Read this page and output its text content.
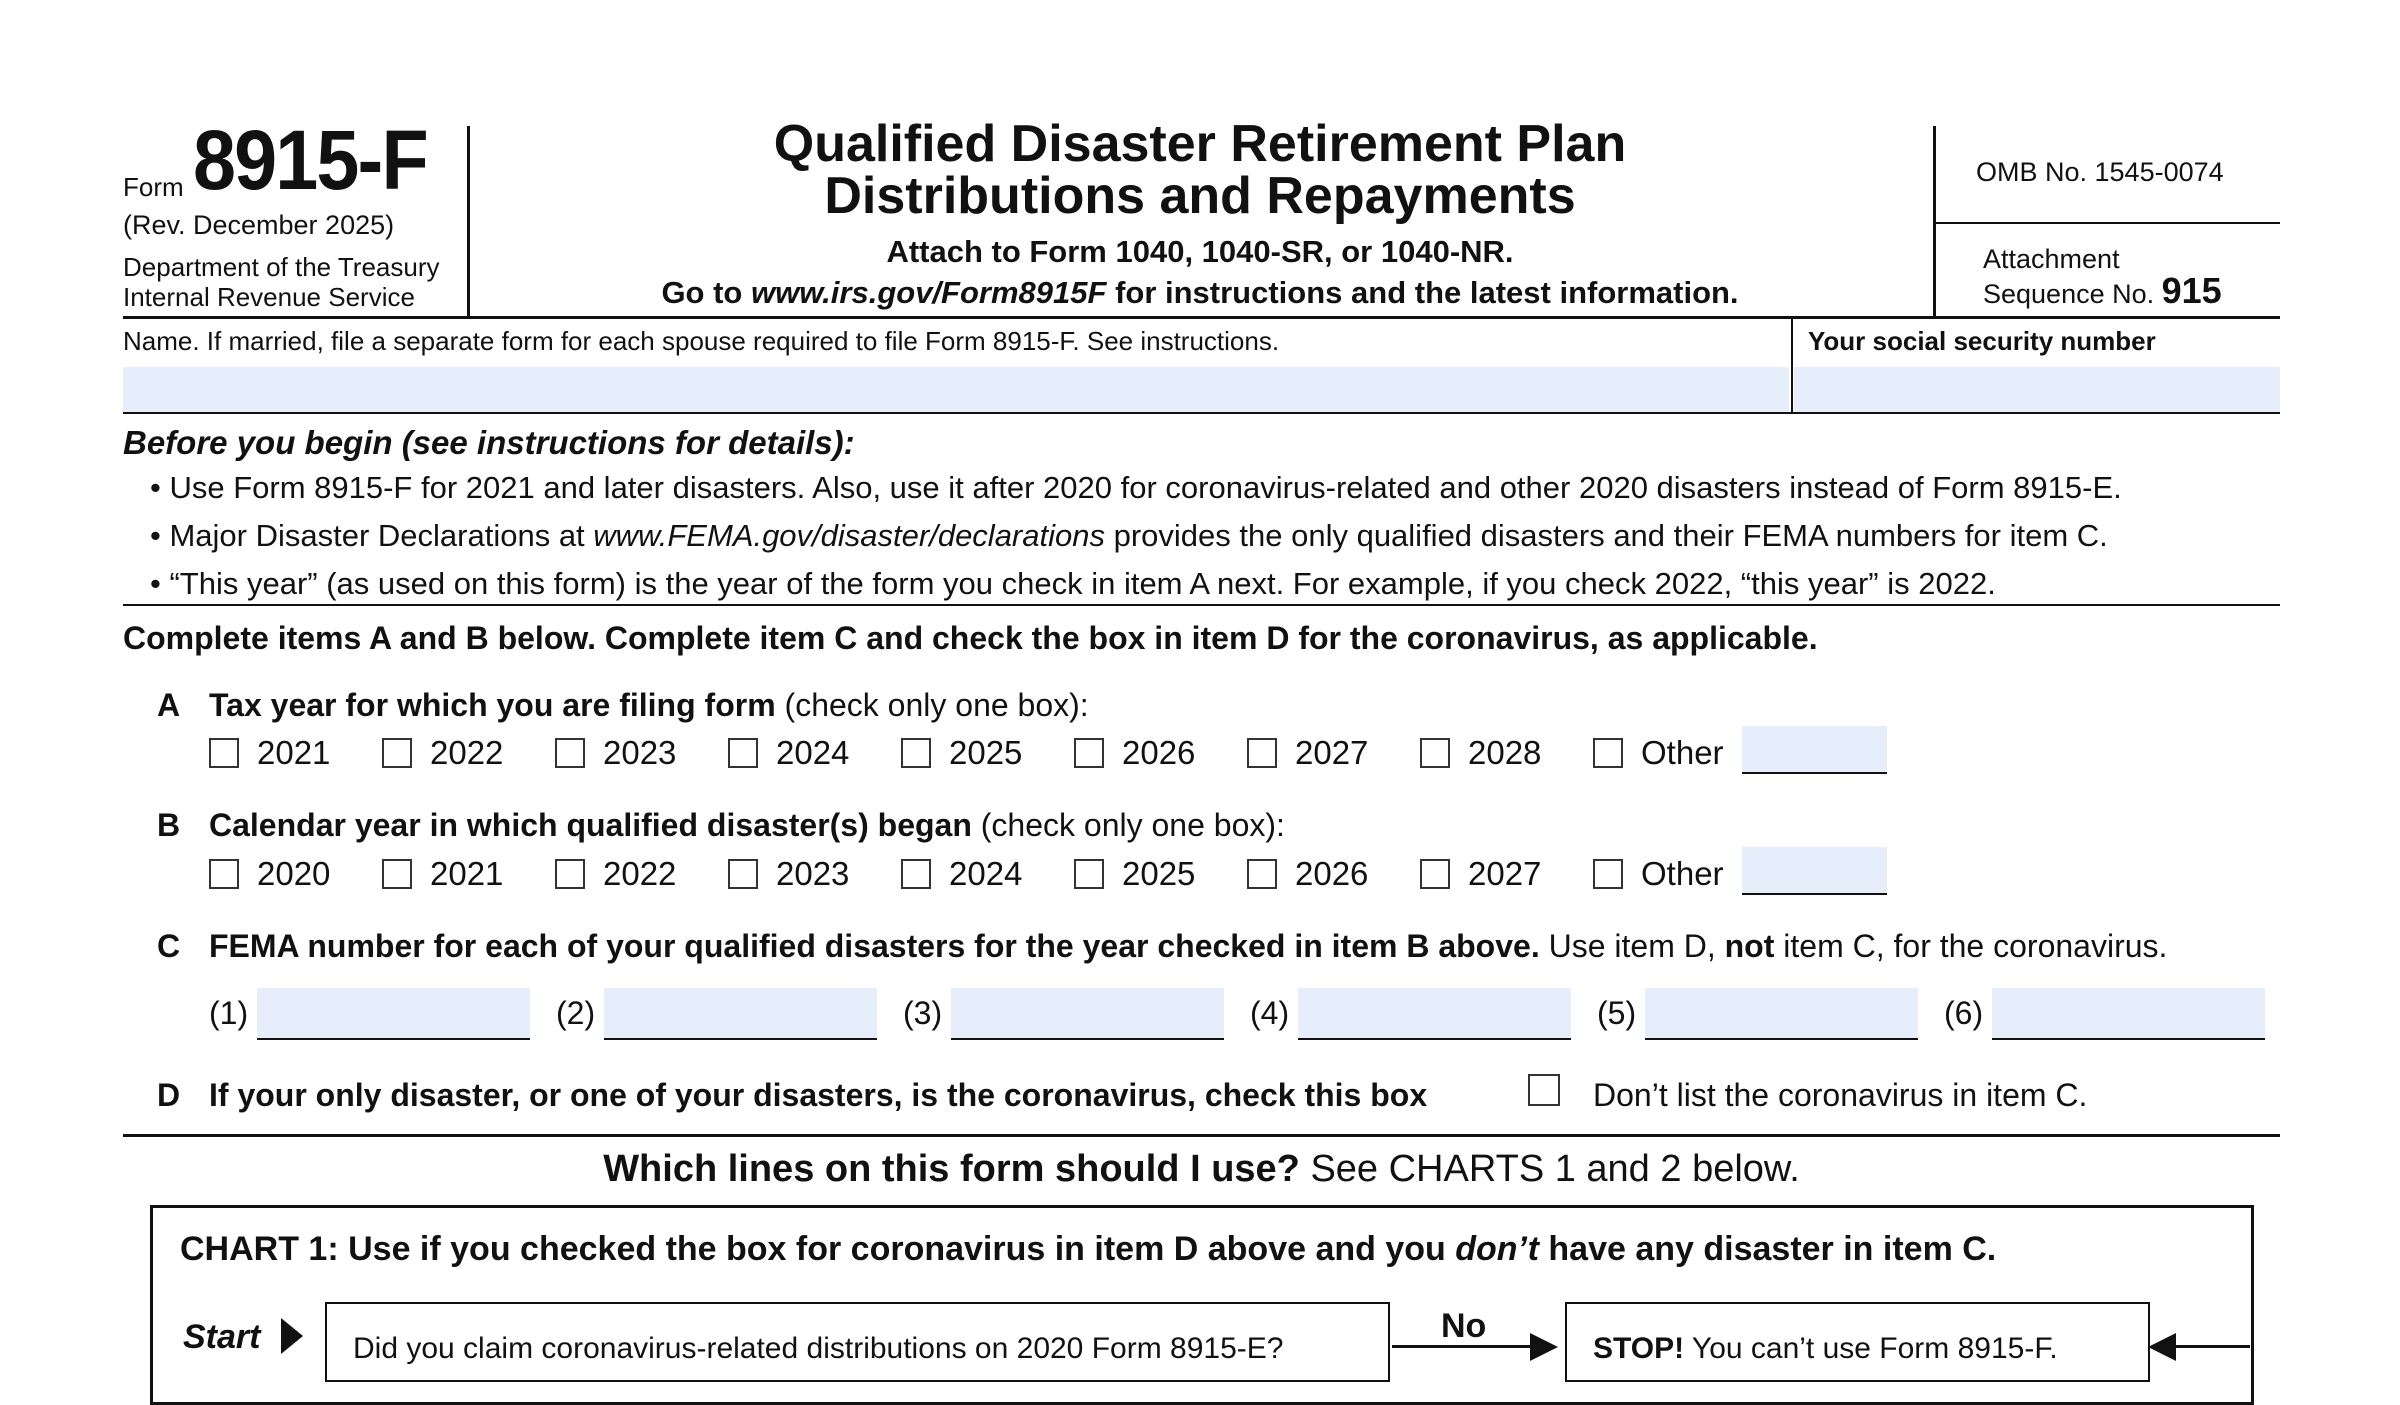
Form 8915-F
(Rev. December 2025)
Department of the Treasury
Internal Revenue Service
Qualified Disaster Retirement Plan
Distributions and Repayments
Attach to Form 1040, 1040-SR, or 1040-NR.
Go to www.irs.gov/Form8915F for instructions and the latest information.
OMB No. 1545-0074
Attachment
Sequence No. 915
Name. If married, file a separate form for each spouse required to file Form 8915-F. See instructions.	Your social security number
Before you begin (see instructions for details):
• Use Form 8915-F for 2021 and later disasters. Also, use it after 2020 for coronavirus-related and other 2020 disasters instead of Form 8915-E.
• Major Disaster Declarations at www.FEMA.gov/disaster/declarations provides the only qualified disasters and their FEMA numbers for item C.
• “This year” (as used on this form) is the year of the form you check in item A next. For example, if you check 2022, “this year” is 2022.
Complete items A and B below. Complete item C and check the box in item D for the coronavirus, as applicable.
A Tax year for which you are filing form (check only one box):
2021	2022	2023	2024	2025	2026	2027	2028	Other
B Calendar year in which qualified disaster(s) began (check only one box):
2020	2021	2022	2023	2024	2025	2026	2027	Other
C FEMA number for each of your qualified disasters for the year checked in item B above. Use item D, not item C, for the coronavirus.
(1)	(2)	(3)	(4)	(5)	(6)
D If your only disaster, or one of your disasters, is the coronavirus, check this box	Don’t list the coronavirus in item C.
Which lines on this form should I use? See CHARTS 1 and 2 below.
CHART 1: Use if you checked the box for coronavirus in item D above and you don’t have any disaster in item C.
Start	Did you claim coronavirus-related distributions on 2020 Form 8915-E?
No
STOP! You can’t use Form 8915-F.
